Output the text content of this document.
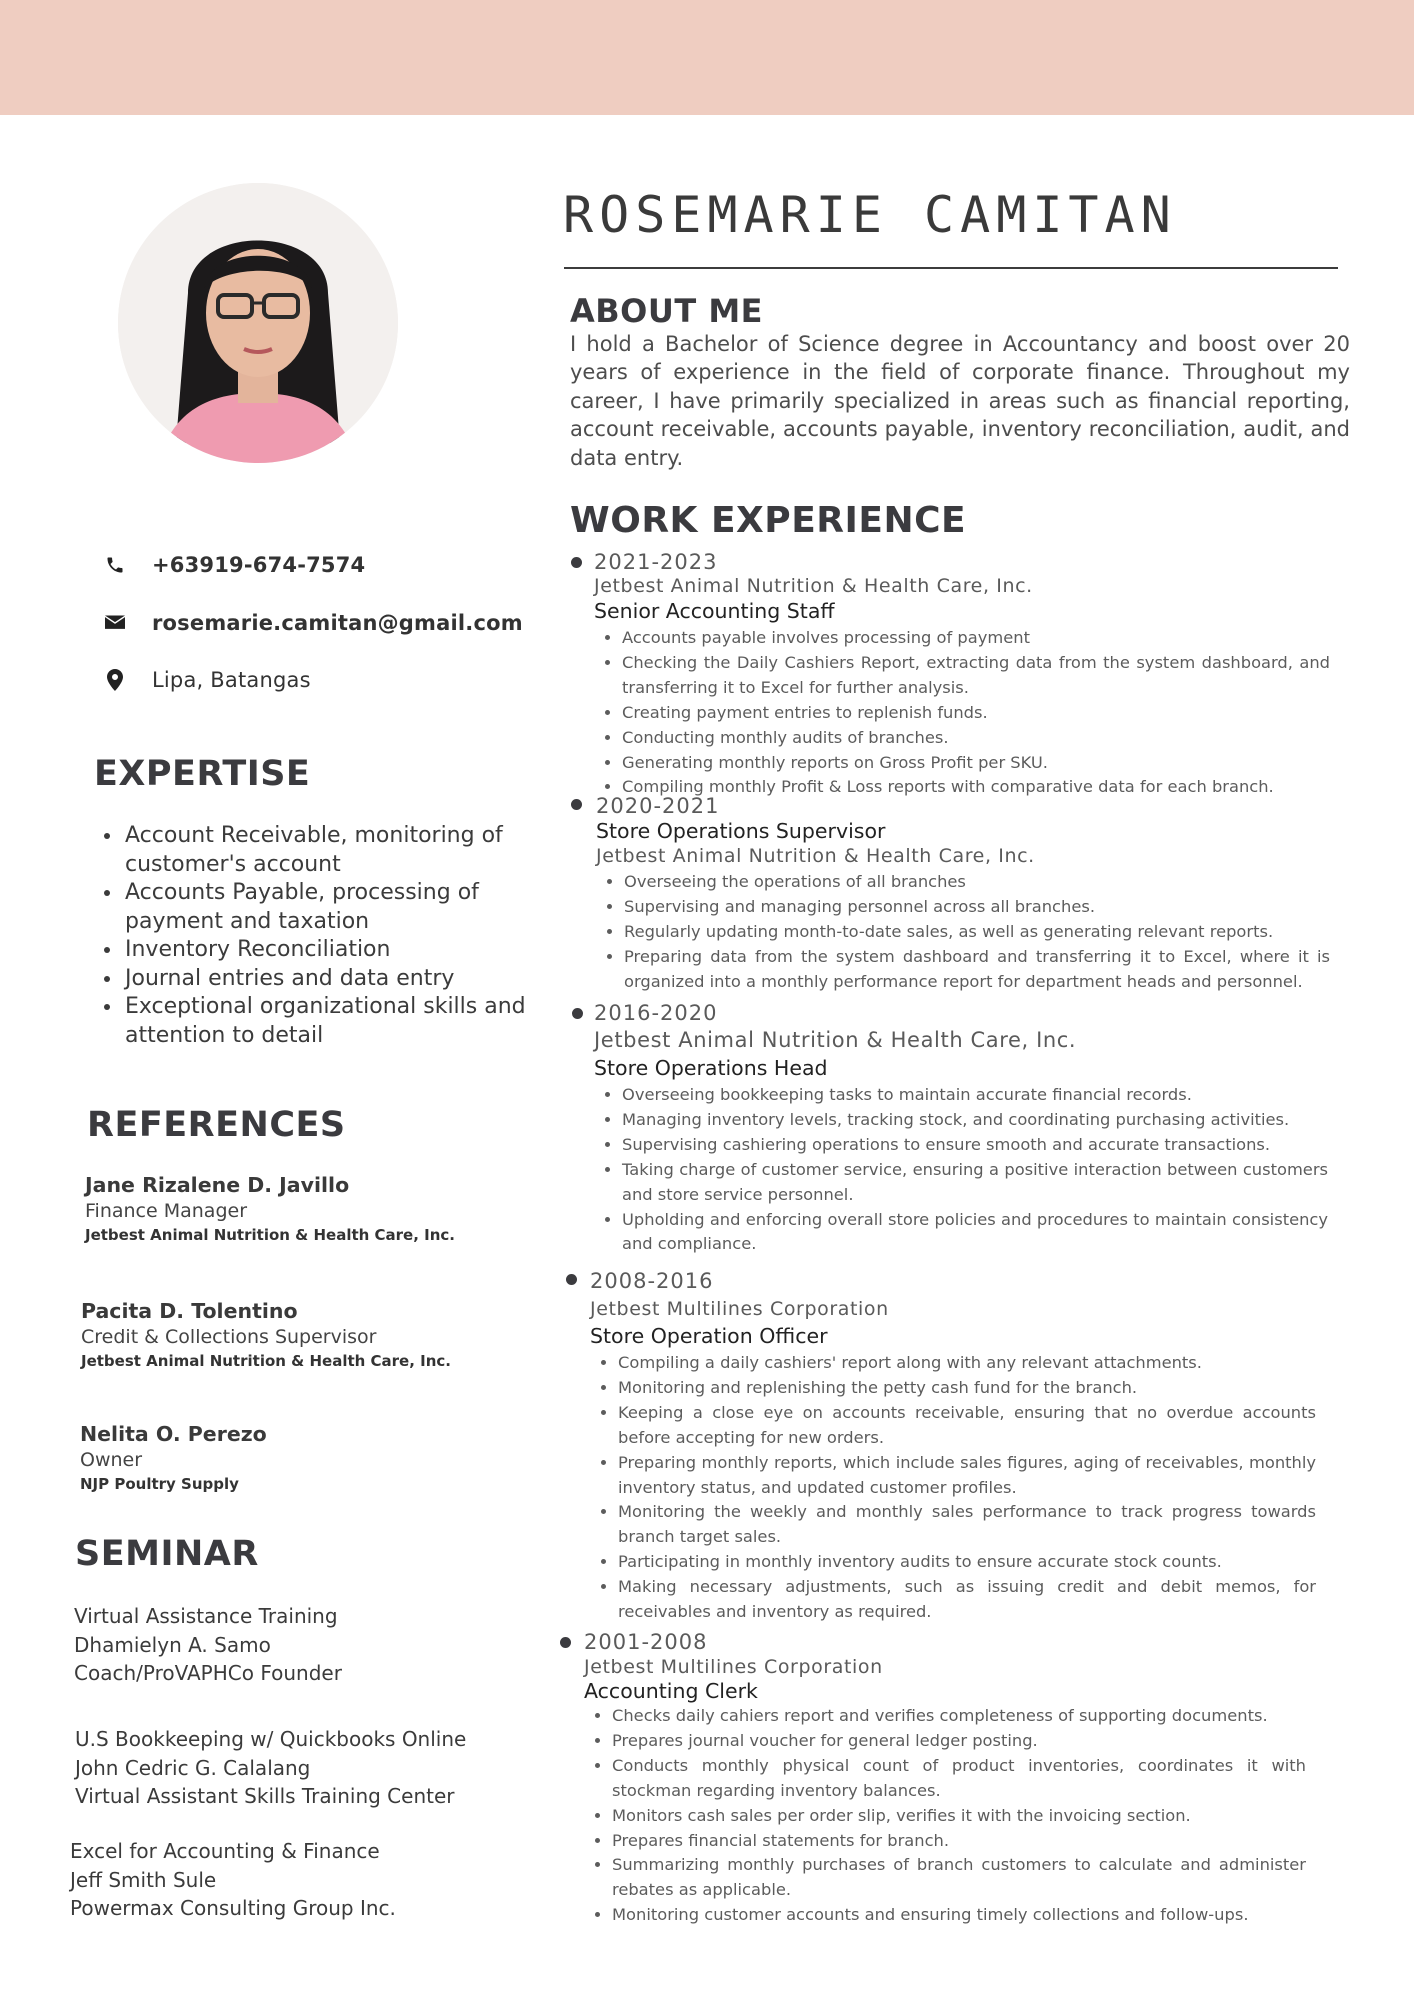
+63919-674-7574
rosemarie.camitan@gmail.com
Lipa, Batangas
EXPERTISE
• Account Receivable, monitoring of customer's account
• Accounts Payable, processing of payment and taxation
• Inventory Reconciliation
• Journal entries and data entry
• Exceptional organizational skills and attention to detail
REFERENCES
Jane Rizalene D. Javillo
Finance Manager
Jetbest Animal Nutrition & Health Care, Inc.
Pacita D. Tolentino
Credit & Collections Supervisor
Jetbest Animal Nutrition & Health Care, Inc.
Nelita O. Perezo
Owner
NJP Poultry Supply
SEMINAR
Virtual Assistance Training
Dhamielyn A. Samo
Coach/ProVAPHCo Founder
U.S Bookkeeping w/ Quickbooks Online
John Cedric G. Calalang
Virtual Assistant Skills Training Center
Excel for Accounting & Finance
Jeff Smith Sule
Powermax Consulting Group Inc.
ROSEMARIE CAMITAN
ABOUT ME

I hold a Bachelor of Science degree in Accountancy and boost over 20 years of experience in the field of corporate finance. Throughout my career, I have primarily specialized in areas such as financial reporting, account receivable, accounts payable, inventory reconciliation, audit, and data entry.

WORK EXPERIENCE
2021-2023
Jetbest Animal Nutrition & Health Care, Inc.
Senior Accounting Staff
• Accounts payable involves processing of payment
• Checking the Daily Cashiers Report, extracting data from the system dashboard, and transferring it to Excel for further analysis.
• Creating payment entries to replenish funds.
• Conducting monthly audits of branches.
• Generating monthly reports on Gross Profit per SKU.
• Compiling monthly Profit & Loss reports with comparative data for each branch.
2020-2021
Store Operations Supervisor
Jetbest Animal Nutrition & Health Care, Inc.
• Overseeing the operations of all branches
• Supervising and managing personnel across all branches.
• Regularly updating month-to-date sales, as well as generating relevant reports.
• Preparing data from the system dashboard and transferring it to Excel, where it is organized into a monthly performance report for department heads and personnel.
2016-2020
Jetbest Animal Nutrition & Health Care, Inc.
Store Operations Head
• Overseeing bookkeeping tasks to maintain accurate financial records.
• Managing inventory levels, tracking stock, and coordinating purchasing activities.
• Supervising cashiering operations to ensure smooth and accurate transactions.
• Taking charge of customer service, ensuring a positive interaction between customers and store service personnel.
• Upholding and enforcing overall store policies and procedures to maintain consistency and compliance.
2008-2016
Jetbest Multilines Corporation
Store Operation Officer
• Compiling a daily cashiers' report along with any relevant attachments.
• Monitoring and replenishing the petty cash fund for the branch.
• Keeping a close eye on accounts receivable, ensuring that no overdue accounts before accepting for new orders.
• Preparing monthly reports, which include sales figures, aging of receivables, monthly inventory status, and updated customer profiles.
• Monitoring the weekly and monthly sales performance to track progress towards branch target sales.
• Participating in monthly inventory audits to ensure accurate stock counts.
• Making necessary adjustments, such as issuing credit and debit memos, for receivables and inventory as required.
2001-2008
Jetbest Multilines Corporation
Accounting Clerk
• Checks daily cahiers report and verifies completeness of supporting documents.
• Prepares journal voucher for general ledger posting.
• Conducts monthly physical count of product inventories, coordinates it with stockman regarding inventory balances.
• Monitors cash sales per order slip, verifies it with the invoicing section.
• Prepares financial statements for branch.
• Summarizing monthly purchases of branch customers to calculate and administer rebates as applicable.
• Monitoring customer accounts and ensuring timely collections and follow-ups.
